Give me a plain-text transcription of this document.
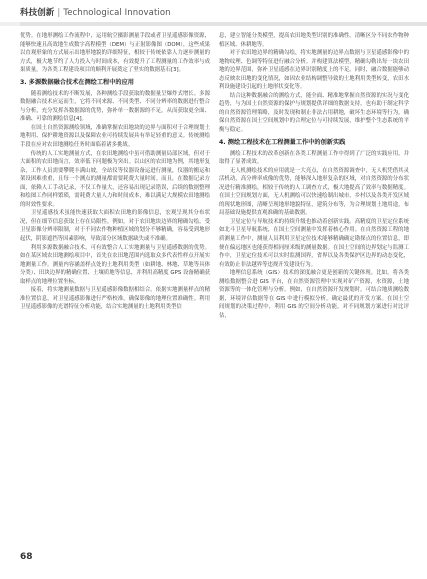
科技创新 | Technological Innovation

优势。在地形测绘工作流程中，运用航空摄影测量手段或者卫星遥感影像资源，能够快速且高效地生成数字高程模型（DEM）与正射影像图（DOM），这些成果以直观形象的方式展示出地形地貌的详细特征，相较于传统依靠人力逐步测量的方式，极大地节约了人力投入与时间成本，有效提升了工程测量的工作效率与成果质量，为各类工程建设项目的顺利开展奠定了坚实的数据基石[3]。

3. 多源数据融合技术在测绘工程中的应用

随着测绘技术的不断发展，各种测绘手段获取的数据量呈爆炸式增长。多源数据融合技术应运而生，它将不同来源、不同类型、不同分辨率的数据进行整合与分析，充分发挥各数据源的优势，弥补单一数据源的不足，从而获取更全面、准确、可靠的测绘信息[4]。

在国土自然资源测绘领域，准确掌握农田地块的边界与面积对于合理规划土地利用、保护耕地资源以及保障农业可持续发展具有举足轻重的意义。传统测绘手段在应对农田地测绘任务时面临着诸多挑战。

传统的人工实地测量方式，在农田地测绘中虽可借助测量局部区域，但对于大面积的农田地而言，效率低下问题极为突出。以山区的农田地为例，其地形复杂，工作人员需要攀爬丰满山坡，全站仪等仪器设备运进行测量，仪器的搬运和架设困难重重，且每一个测点的测量都需要耗费大量时间。而且，在数据记录方面，依赖人工手动记录，不仅工作量大，还容易出现记录错误，后续的数据整理和绘图工作同样繁琐，需耗费大量人力和时间成本，难以满足大规模农田地测绘的时效性要求。

卫星遥感技术虽能快速获取大面积农田地的影像信息，宏观呈现其分布状况，但在细节信息获取上存在局限性。例如，对于农田地块边界的精确勾绘，受卫星影像分辨率限制，对于不同农作物种植区域的划分不够精确，容易受到地形起伏，阴影遮挡等因素影响，导致部分区域数据缺失或不准确。

利用多源数据融合技术，可有效整合人工实地测量与卫星遥感数据的优势。如在某区域农田地测绘项目中，首先在农田地范围内选取众多代表性样点开展实地测量工作。测量内容涵盖样点处的土地利用类型（如耕地、林地、草地等具体分类）、田块边界的精确位置、土壤质地等信息，并利用高精度 GPS 设备精确获取样点的地理位置坐标。

接着，将实地测量数据与卫星遥感影像数据相结合。依据实地测量样点的精准位置信息，对卫星遥感影像进行严格校准，确保影像的地理位置准确性。利用卫星遥感影像的光谱特征分析功能，结合实地测量的土地利用类型信

息，建立智能分类模型，提高农田地类型识别的准确性。清晰区分不同农作物种植区域、休耕地等。

对于农田地边界的精确勾绘，将实地测量的边界点数据与卫星遥感影像中的地物纹理、色调等特征进行融合分析。并构建算法模型，精确勾勒出每一块农田地的边界范围，弥补卫星遥感在边界识别精度上的不足。同时，融合数据能够动态反映农田地的变化情况，如因农业结构调整导致的土地利用类型转变，农田水利设施建设引起的土地形状变化等。

结合这种数据融合的测绘方式，能全面、精准地掌握自然资源的实况与变化趋势，与为国土自然资源的保护与规划提供详细的数据支持，也有助于制定科学的自然资源管理策略，及时发现和制止非法占用耕地，破坏生态环境等行为，确保自然资源在国土空间规划中的合理定位与可持续发展，维护整个生态系统的平衡与稳定。

4. 测绘工程技术在工程测量工作中的创新实践

测绘工程技术的改革创新在各类工程测量工作中得到了广泛的实践应用，并取得了显著成效。

无人机测绘技术的应用就是一大亮点，在自然资源调查中，无人机凭借其灵活机动，高分辨率成像的优势，能够深入地形复杂的区域，对自然资源的分布状况进行精准测绘，相较于传统的人工调查方式，极大地提高了效率与数据精度。在国土空间规划方面，无人机测绘可以快速绘制出城市，乡村以及各类开发区域的现状地形图，清晰呈现地形地貌特征，建筑分布等，为合理规划土地用途，布局基础设施提供直观准确的基础数据。

卫星定位与导航技术的持续升级也推动着创新实践。高精度的卫星定位系统如北斗卫星导航系统，在国土空间测量中发挥着核心作用。在自然资源工程的地质测量工作中，测量人员利用卫星定位技术能够精确确定勘探点的位置信息，即便在偏远地区也能获得相同厘米级的测量数据。在国土空间的边界划定与监测工作中，卫星定位技术可以实时监测国界，省界以及各类保护区边界的动态变化，有效防止非法越界等违规开发建设行为。

地理信息系统（GIS）技术的深度融合更是创新的关键体现。比如，将各类测绘数据整合进 GIS 平台，在自然资源管理中实现对矿产资源，水资源，土地资源等的一体化管理与分析。例如，在自然资源开发规划时，可结合地质测绘数据，环境评估数据等在 GIS 中进行模拟分析，确定最优的开发方案。在国土空间规划的决策过程中，利用 GIS 的空间分析功能，对不同规划方案进行对比评估，

68
